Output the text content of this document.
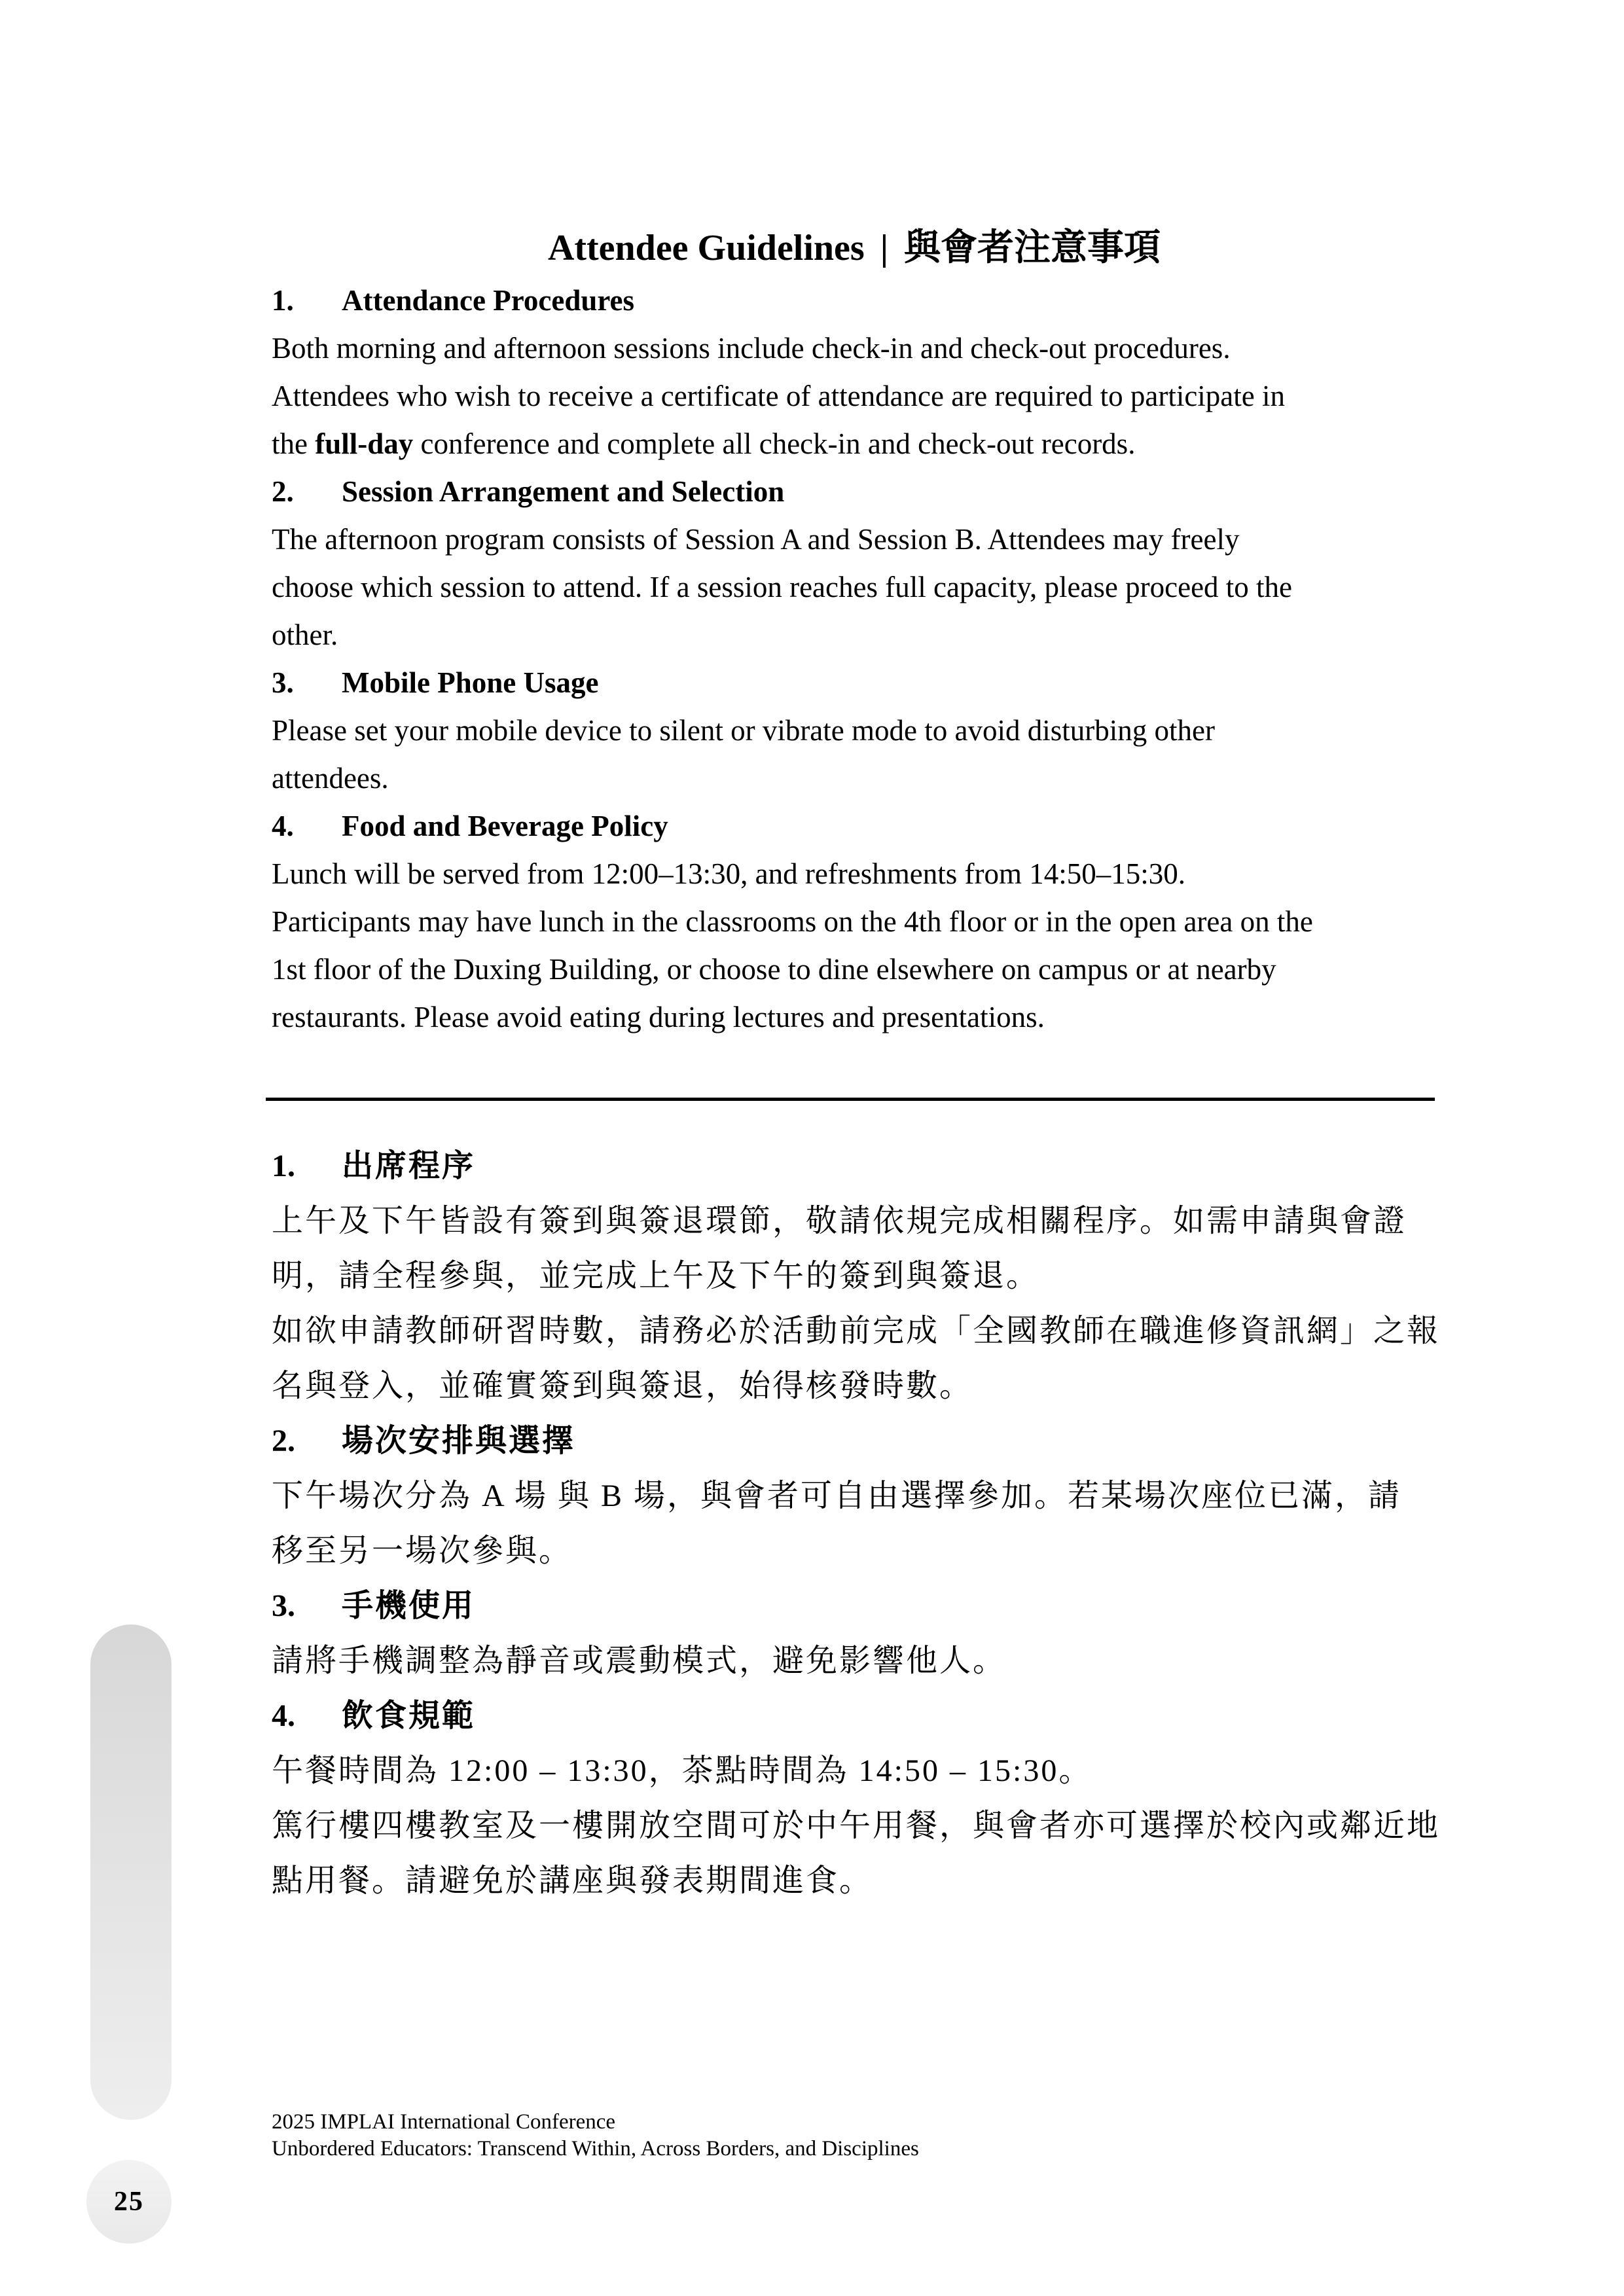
25
Attendee Guidelines | 與會者注意事項
1.	Attendance Procedures
Both morning and afternoon sessions include check-in and check-out procedures.
Attendees who wish to receive a certificate of attendance are required to participate in
the full-day conference and complete all check-in and check-out records.
2.	Session Arrangement and Selection
The afternoon program consists of Session A and Session B. Attendees may freely
choose which session to attend. If a session reaches full capacity, please proceed to the
other.
3.	Mobile Phone Usage
Please set your mobile device to silent or vibrate mode to avoid disturbing other
attendees.
4.	Food and Beverage Policy
Lunch will be served from 12:00–13:30, and refreshments from 14:50–15:30.
Participants may have lunch in the classrooms on the 4th floor or in the open area on the
1st floor of the Duxing Building, or choose to dine elsewhere on campus or at nearby
restaurants. Please avoid eating during lectures and presentations.
1.	出席程序
上午及下午皆設有簽到與簽退環節，敬請依規完成相關程序。如需申請與會證
明，請全程參與，並完成上午及下午的簽到與簽退。
如欲申請教師研習時數，請務必於活動前完成「全國教師在職進修資訊網」之報
名與登入，並確實簽到與簽退，始得核發時數。
2.	場次安排與選擇
下午場次分為 A 場 與 B 場，與會者可自由選擇參加。若某場次座位已滿，請
移至另一場次參與。
3.	手機使用
請將手機調整為靜音或震動模式，避免影響他人。
4.	飲食規範
午餐時間為 12:00 – 13:30，茶點時間為 14:50 – 15:30。
篤行樓四樓教室及一樓開放空間可於中午用餐，與會者亦可選擇於校內或鄰近地
點用餐。請避免於講座與發表期間進食。
2025 IMPLAI International Conference
Unbordered Educators: Transcend Within, Across Borders, and Disciplines
